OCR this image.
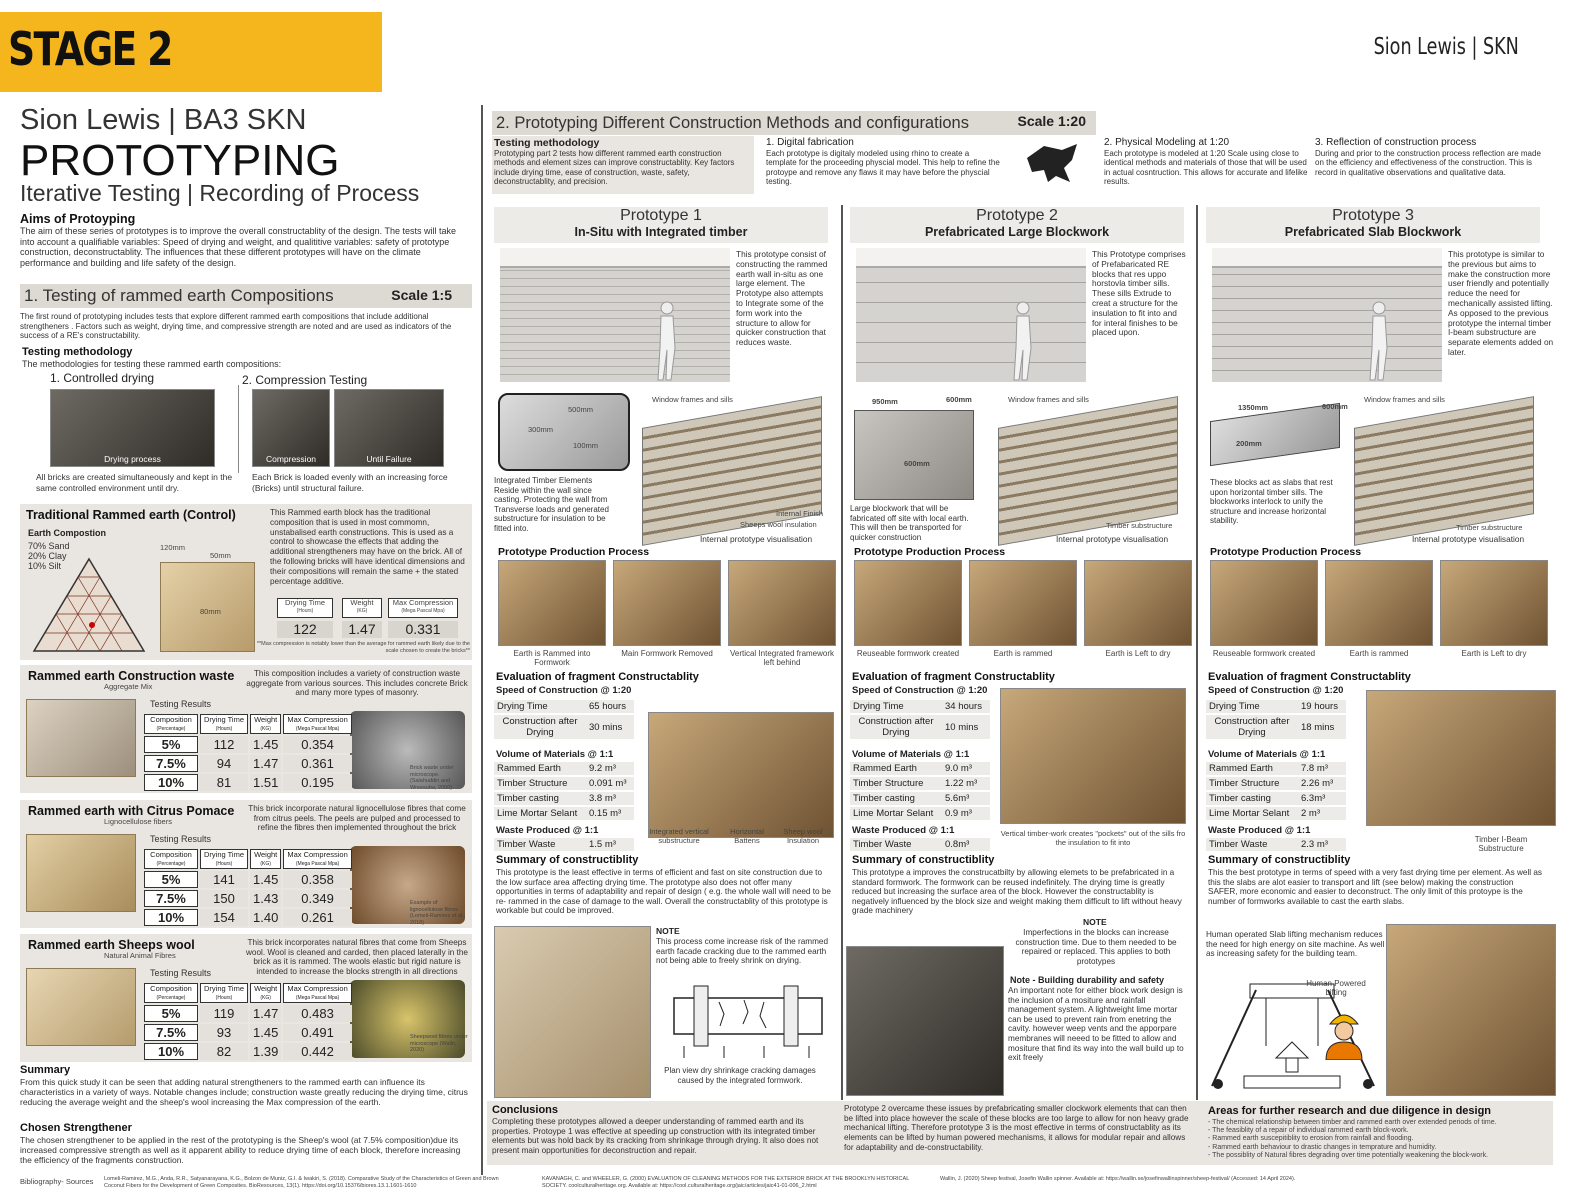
STAGE 2	Sion Lewis | SKN
Sion Lewis | BA3 SKN
PROTOTYPING
Iterative Testing | Recording of Process
Aims of Protoyping
The aim of these series of prototypes is to improve the overall constructablity of the design. The tests will take into account a qualifiable variables: Speed of drying and weight, and qualititive variables: safety of prototype construction, deconstructablity. The influences that these different prototypes will have on the climate performance and building and life safety of the design.
1. Testing of rammed earth Compositions	Scale 1:5
The first round of prototyping includes tests that explore different rammed earth compositions that include additional strengtheners . Factors such as weight, drying time, and compressive strength are noted and are used as indicators of the success of a RE's constructability.
Testing methodology
The methodologies for testing these rammed earth compositions:
1. Controlled drying	2. Compression Testing
Drying process	Compression	Until Failure
All bricks are created simultaneously and kept in the same controlled environment until dry.
Each Brick is loaded evenly with an increasing force (Bricks) until structural failure.
Traditional Rammed earth (Control)
Earth Compostion
70% Sand
20% Clay
10% Silt
120mm
50mm
80mm
This Rammed earth block has the traditional composition that is used in most commomn, unstabalised earth constructions. This is used as a control to showcase the effects that adding the additional strengtheners may have on the brick. All of the following bricks will have identical dimensions and their compositions will remain the same + the stated percentage additive.
Drying Time
(Hours)
Weight
(KG)
Max Compression
(Mega Pascal Mpa)
122	1.47	0.331
**Max compression is notably lower than the average for rammed earth likely due to the scale chosen to create the bricks**
Rammed earth Construction waste
Aggregate Mix
This composition includes a variety of construction waste aggregate from various sources. This includes concrete Brick and many more types of masonry.
Testing Results
Brick waste under microscope. (Salahuddin and Wreesuba, 2000)
Composition
(Percentage)	Drying Time
(Hours)	Weight
(KG)	Max Compression
(Mega Pascal Mpa)
5%	112	1.45	0.354
7.5%	94	1.47	0.361
10%	81	1.51	0.195
Rammed earth with Citrus Pomace
Lignocellulose fibers
This brick incorporate natural lignocellulose fibres that come from citrus peels. The peels are pulped and processed to refine the fibres then implemented throughout the brick
Testing Results
Example of lignocellulose fibres (Lomeli-Ramirez et al., 2018)
Composition
(Percentage)	Drying Time
(Hours)	Weight
(KG)	Max Compression
(Mega Pascal Mpa)
5%	141	1.45	0.358
7.5%	150	1.43	0.349
10%	154	1.40	0.261
Rammed earth Sheeps wool
Natural Animal Fibres
This brick incorporates natural fibres that come from Sheeps wool. Wool is cleaned and carded, then placed laterally in the brick as it is rammed. The wools elastic but rigid nature is intended to increase the blocks strength in all directions
Testing Results
Sheepwool fibres under microscope (Walln, 2020)
Composition
(Percentage)	Drying Time
(Hours)	Weight
(KG)	Max Compression
(Mega Pascal Mpa)
5%	119	1.47	0.483
7.5%	93	1.45	0.491
10%	82	1.39	0.442
Summary
From this quick study it can be seen that adding natural strengtheners to the rammed earth can influence its characteristics in a variety of ways. Notable changes include; construction waste greatly reducing the drying time, citrus reducing the average weight and the sheep's wool increasing the Max compression of the earth.
Chosen Strengthener
The chosen strengthener to be applied in the rest of the prototyping is the Sheep's wool (at 7.5% composition)due its increased compressive strength as well as it apparent ability to reduce drying time of each block, therefore increasing the efficiency of the fragments construction.
2. Prototyping Different Construction Methods and configurations	Scale 1:20
Testing methodology
Prototyping part 2 tests how different rammed earth construction methods and element sizes can improve constructablity. Key factors include drying time, ease of construction, waste, safety, deconstructablity, and precision.
1. Digital fabrication
Each prototype is digitaly modeled using rhino to create a template for the proceeding physcial model. This help to refine the protoype and remove any flaws it may have before the physcial testing.
2. Physical Modeling at 1:20
Each prototype is modeled at 1:20 Scale using close to identical methods and materials of those that will be used in actual cosntruction. This allows for accurate and lifelike results.
3. Reflection of construction process
During and prior to the construction process reflection are made on the efficiency and effectiveness of the construction. This is record in qualitative observations and qualitative data.
Prototype 1
In-Situ with Integrated timber
This prototype consist of constructing the rammed earth wall in-situ as one large element. The Prototype also attempts to Integrate some of the form work into the structure to allow for quicker construction that reduces waste.
Window frames and sills
Internal prototype visualisation
Prototype Production Process
Earth is Rammed into Formwork
Main Formwork Removed	Vertical Integrated framework left behind
Evaluation of fragment Constructablity
Speed of Construction @ 1:20
Drying Time	65 hours
Construction after Drying	30 mins
Volume of Materials @ 1:1
Rammed Earth	9.2 m³
Timber Structure	0.091 m³
Timber casting	3.8 m³
Lime Mortar Selant	0.15 m³
Waste Produced @ 1:1
Timber Waste	1.5 m³
Summary of constructiblity
This prototype is the least effective in terms of efficient and fast on site construction due to the low surface area affecting drying time. The prototype also does not offer many opportunities in terms of adaptability and repair of design ( e.g. the whole wall will need to be re- rammed in the case of damage to the wall. Overall the constructablity of this prototype is workable but could be improved.
Prototype 2
Prefabricated Large Blockwork
This Prototype comprises of Prefabaricated RE blocks that res uppo horstovla timber sills. These sills Extrude to creat a structure for the insulation to fit into and for interal finishes to be placed upon.
Window frames and sills
Internal prototype visualisation
Prototype Production Process
Reuseable formwork created	Earth is rammed	Earth is Left to dry
Evaluation of fragment Constructablity
Speed of Construction @ 1:20
Drying Time	34 hours
Construction after Drying	10 mins
Volume of Materials @ 1:1
Rammed Earth	9.0 m³
Timber Structure	1.22 m³
Timber casting	5.6m³
Lime Mortar Selant	0.9 m³
Waste Produced @ 1:1
Timber Waste	0.8m³
Summary of constructiblity
This prototype a improves the construcatbilty by allowing elemets to be prefabricated in a standard formwork. The formwork can be reused indefinitely. The drying time is greatly reduced but increasing the surface area of the block. However the constructablity is negatively influenced by the block size and weight making them difficult to lift without heavy grade machinery
Prototype 3
Prefabricated Slab Blockwork
This prototype is similar to the previous but aims to make the construction more user friendly and potentially reduce the need for mechanically assisted lifting. As opposed to the previous prototype the internal timber I-beam substructure are separate elements added on later.
Window frames and sills
Internal prototype visualisation
Prototype Production Process
Reuseable formwork created	Earth is rammed	Earth is Left to dry
Evaluation of fragment Constructablity
Speed of Construction @ 1:20
Drying Time	19 hours
Construction after Drying	18 mins
Volume of Materials @ 1:1
Rammed Earth	7.8 m³
Timber Structure	2.26 m³
Timber casting	6.3m³
Lime Mortar Selant	2 m³
Waste Produced @ 1:1
Timber Waste	2.3 m³
Summary of constructiblity
This the best prototype in terms of speed with a very fast drying time per element. As well as this the slabs are alot easier to transport and lift (see below) making the construction SAFER, more economic and easier to deconstruct. The only limit of this protoype is the number of formworks available to cast the earth slabs.
500mm
300mm
100mm
Integrated Timber Elements Reside within the wall since casting. Protecting the wall from Transverse loads and generated substructure for insulation to be fitted into.
Internal Finish
Sheeps wool insulation
Integrated vertical substructure
Horizontal Battens
Sheep wool Insulation
NOTE
This process come increase risk of the rammed earth facade cracking due to the rammed earth not being able to freely shrink on drying.
Plan view dry shrinkage cracking damages caused by the integrated formwork.
950mm	600mm
600mm
Large blockwork that will be fabricated off site with local earth. This will then be transported for quicker construction
Timber substructure
Vertical timber-work creates "pockets" out of the sills fro the insulation to fit into
NOTE
Imperfections in the blocks can increase construction time. Due to them needed to be repaired or replaced. This applies to both prototypes
Note - Building durability and safety
An important note for either block work design is the inclusion of a mositure and rainfall management system. A lightweight lime mortar can be used to prevent rain from enetring the cavity. however weep vents and the apporpare membranes will neeed to be fitted to allow and mositure that find its way into the wall build up to exit freely
1350mm	600mm
200mm
These blocks act as slabs that rest upon horizontal timber sills. The blockworks interlock to unify the structure and increase horizontal stability.
Timber substructure
Timber I-Beam Substructure
Human operated Slab lifting mechanism reduces the need for high energy on site machine. As well as increasing safety for the building team.
Human Powered Lifting
Conclusions
Completing these prototypes allowed a deeper understanding of rammed earth and its properties. Protoype 1 was effective at speeding up construction with its integrated timber elements but was hold back by its cracking from shrinkage through drying. It also does not present main opportunities for deconstruction and repair.
Prototype 2 overcame these issues by prefabricating smaller clockwork elements that can then be lifted into place however the scale of these blocks are too large to allow for non heavy grade mechanical lifting. Therefore prototype 3 is the most effective in terms of constructablity as its elements can be lifted by human powered mechanisms, it allows for modular repair and allows for adaptability and de-constructability.
Areas for further research and due diligence in design
- The chemical relationship between timber and rammed earth over extended periods of time.
- The feasiblity of a repair of individual rammed earth block-work.
- Rammed earth suscepitiblity to erosion from rainfall and flooding.
- Rammed earth behaviour to drastic changes in temprature and humidity.
- The possiblity of Natural fibres degrading over time potentially weakening the block-work.
Bibliography- Sources Lomeli-Ramirez, M.G., Anda, R.R., Satyanarayana, K.G., Bolzon de Muniz, G.I. & Iwakiri, S. (2018). Comparative Study of the Characteristics of Green and Brown Coconut Fibers for the Development of Green Composites. BioResources, 13(1). https://doi.org/10.15376/biores.13.1.1601-1610
KAVANAGH, C. and WHEELER, G. (2000) EVALUATION OF CLEANING METHODS FOR THE EXTERIOR BRICK AT THE BROOKLYN HISTORICAL SOCIETY. coolculturalheritage.org. Available at: https://cool.culturalheritage.org/jaic/articles/jaic41-01-006_2.html
Wallin, J. (2020) Sheep festival, Josefin Wallin spinner. Available at: https://wallin.se/josefinwallinspinner/sheep-festival/ (Accessed: 14 April 2024).
